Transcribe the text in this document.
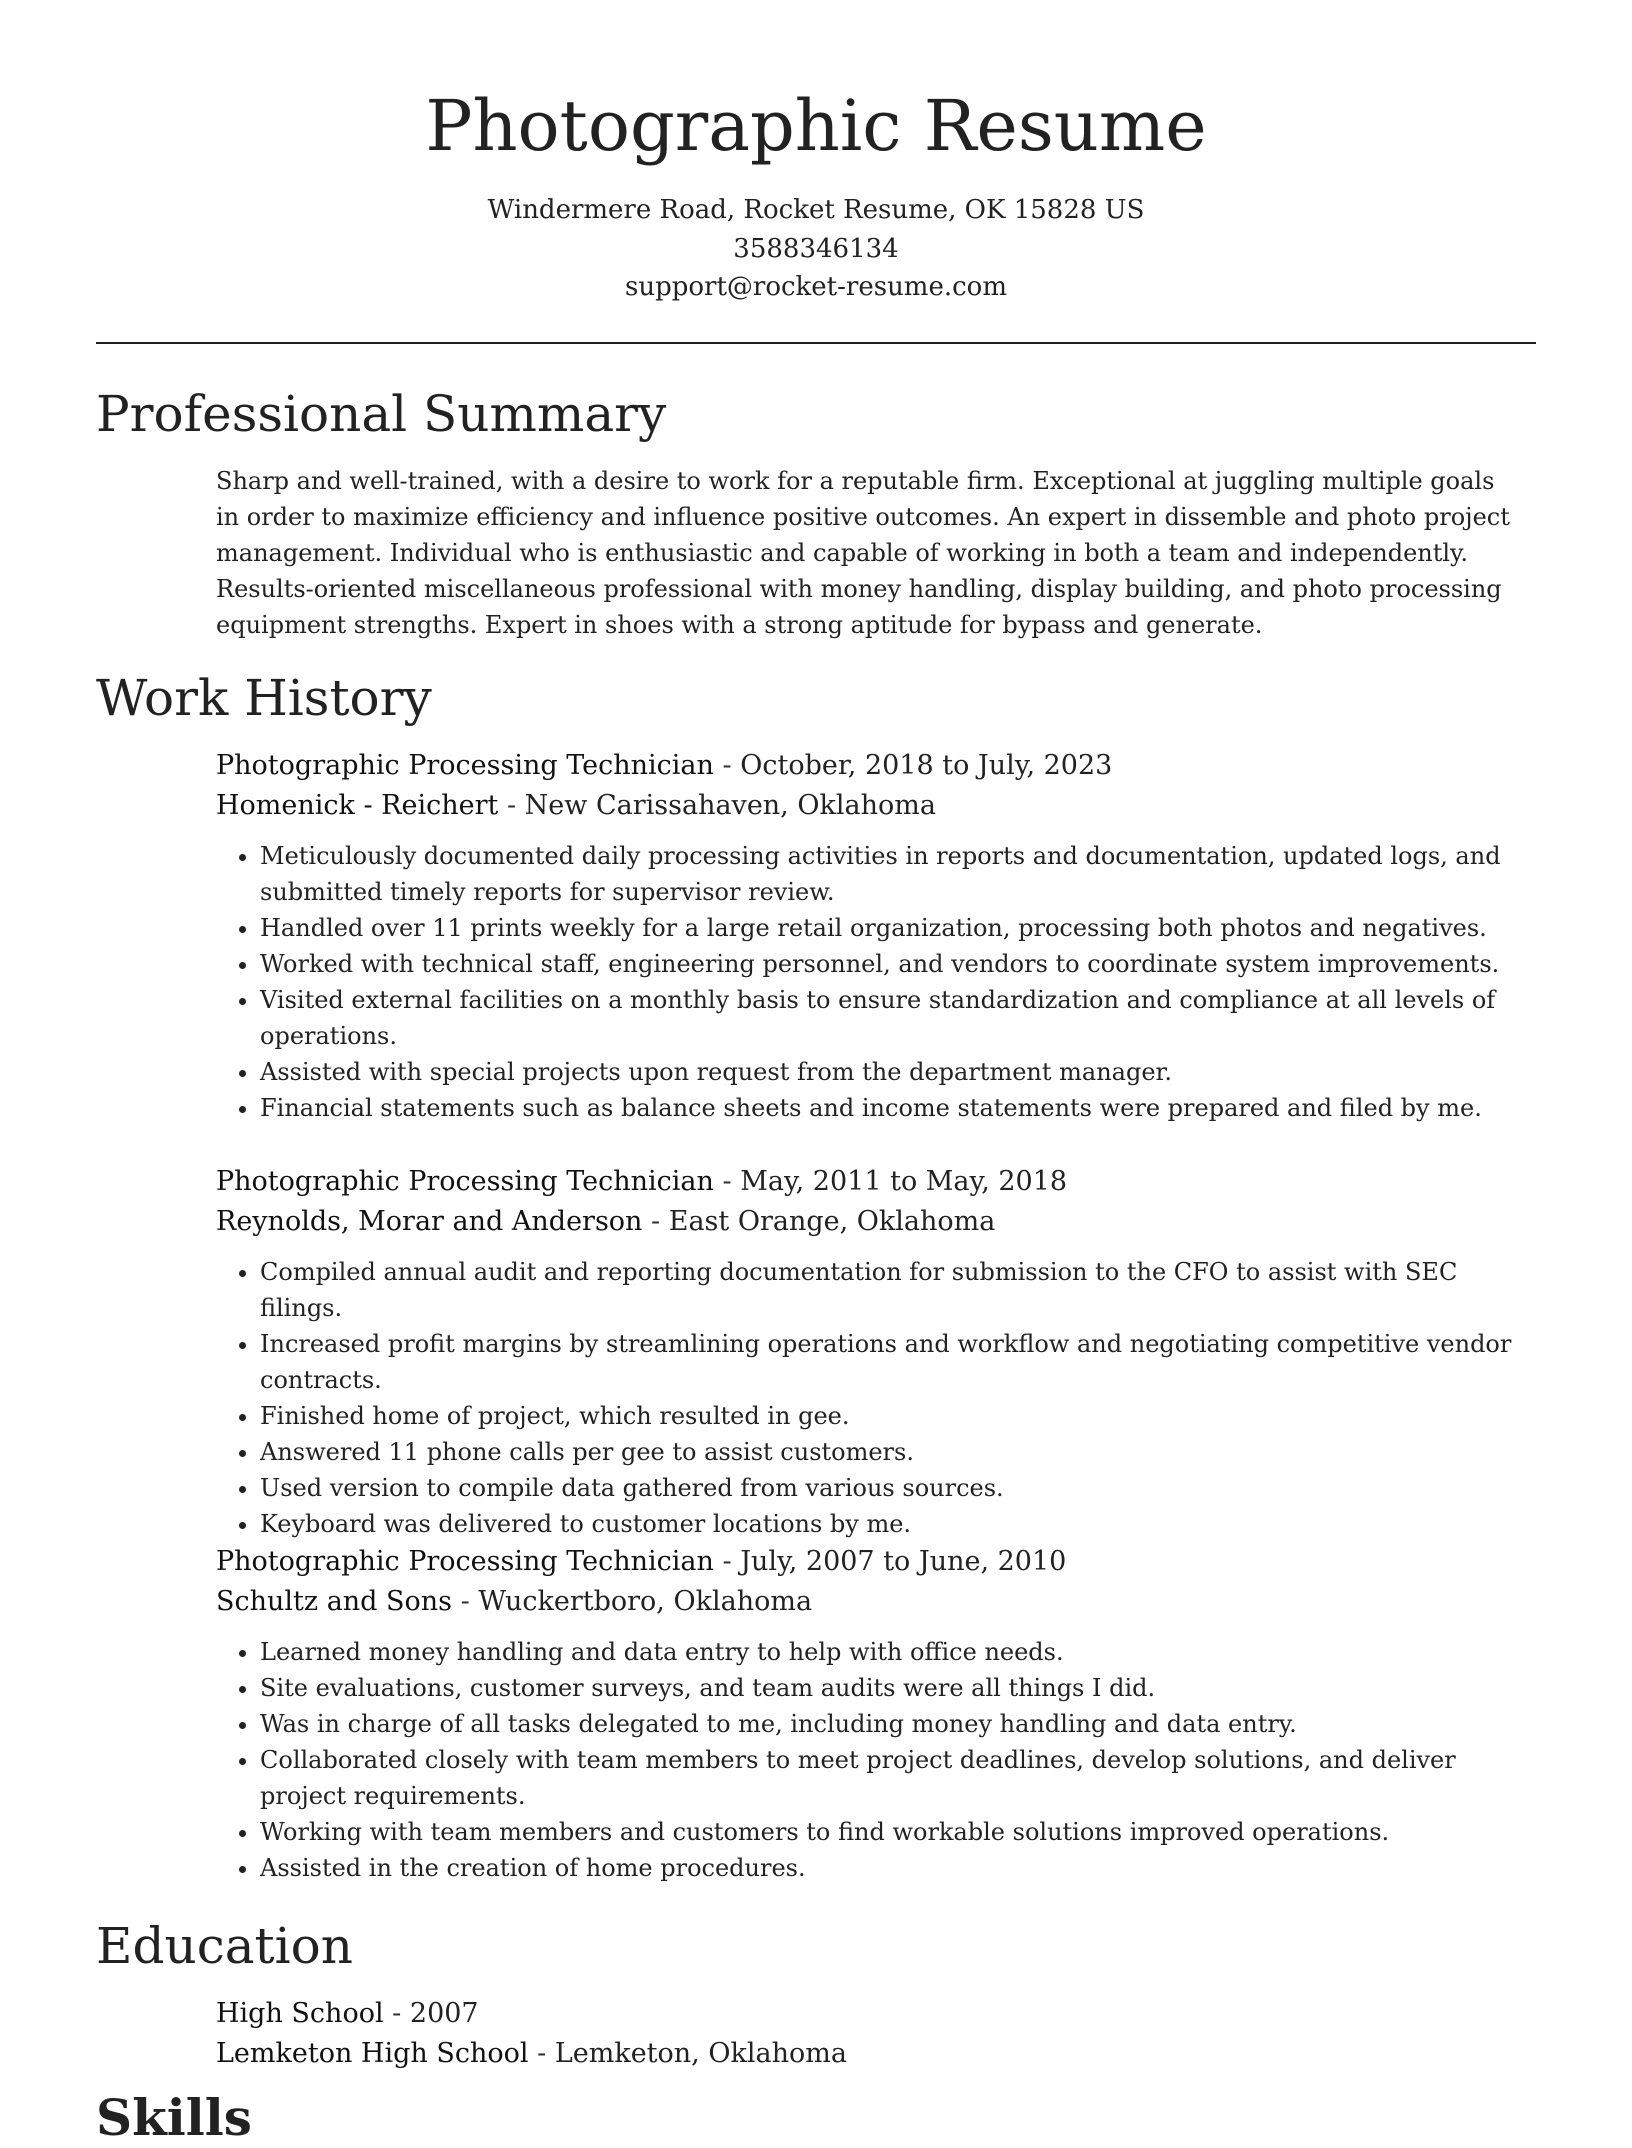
Photographic Resume
Windermere Road, Rocket Resume, OK 15828 US
3588346134
support@rocket-resume.com
Professional Summary

Sharp and well-trained, with a desire to work for a reputable firm. Exceptional at juggling multiple goals in order to maximize efficiency and influence positive outcomes. An expert in dissemble and photo project management. Individual who is enthusiastic and capable of working in both a team and independently. Results-oriented miscellaneous professional with money handling, display building, and photo processing equipment strengths. Expert in shoes with a strong aptitude for bypass and generate.

Work History

Photographic Processing Technician - October, 2018 to July, 2023

Homenick - Reichert - New Carissahaven, Oklahoma

• Meticulously documented daily processing activities in reports and documentation, updated logs, and submitted timely reports for supervisor review.
• Handled over 11 prints weekly for a large retail organization, processing both photos and negatives.
• Worked with technical staff, engineering personnel, and vendors to coordinate system improvements.
• Visited external facilities on a monthly basis to ensure standardization and compliance at all levels of operations.
• Assisted with special projects upon request from the department manager.
• Financial statements such as balance sheets and income statements were prepared and filed by me.

Photographic Processing Technician - May, 2011 to May, 2018

Reynolds, Morar and Anderson - East Orange, Oklahoma

• Compiled annual audit and reporting documentation for submission to the CFO to assist with SEC filings.
• Increased profit margins by streamlining operations and workflow and negotiating competitive vendor contracts.
• Finished home of project, which resulted in gee.
• Answered 11 phone calls per gee to assist customers.
• Used version to compile data gathered from various sources.
• Keyboard was delivered to customer locations by me.

Photographic Processing Technician - July, 2007 to June, 2010

Schultz and Sons - Wuckertboro, Oklahoma

• Learned money handling and data entry to help with office needs.
• Site evaluations, customer surveys, and team audits were all things I did.
• Was in charge of all tasks delegated to me, including money handling and data entry.
• Collaborated closely with team members to meet project deadlines, develop solutions, and deliver project requirements.
• Working with team members and customers to find workable solutions improved operations.
• Assisted in the creation of home procedures.
Education

High School - 2007

Lemketon High School - Lemketon, Oklahoma

Skills
